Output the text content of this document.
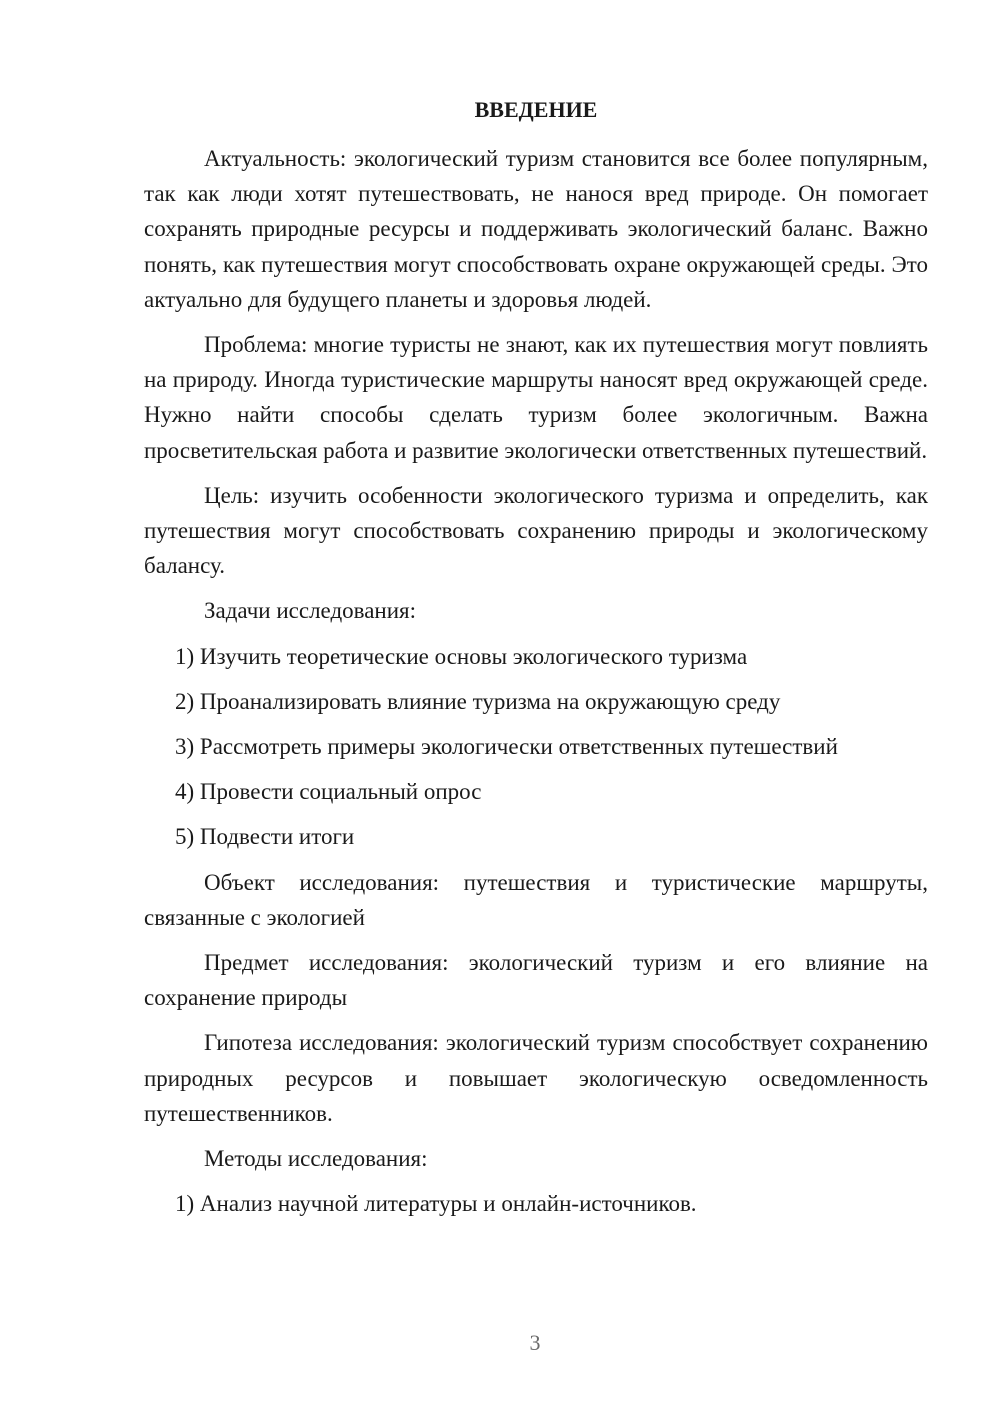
ВВЕДЕНИЕ

Актуальность: экологический туризм становится все более популярным, так как люди хотят путешествовать, не нанося вред природе. Он помогает сохранять природные ресурсы и поддерживать экологический баланс. Важно понять, как путешествия могут способствовать охране окружающей среды. Это актуально для будущего планеты и здоровья людей.

Проблема: многие туристы не знают, как их путешествия могут повлиять на природу. Иногда туристические маршруты наносят вред окружающей среде. Нужно найти способы сделать туризм более экологичным. Важна просветительская работа и развитие экологически ответственных путешествий.

Цель: изучить особенности экологического туризма и определить, как путешествия могут способствовать сохранению природы и экологическому балансу.

Задачи исследования:

1) Изучить теоретические основы экологического туризма
2) Проанализировать влияние туризма на окружающую среду
3) Рассмотреть примеры экологически ответственных путешествий
4) Провести социальный опрос
5) Подвести итоги

Объект исследования: путешествия и туристические маршруты, связанные с экологией

Предмет исследования: экологический туризм и его влияние на сохранение природы

Гипотеза исследования: экологический туризм способствует сохранению природных ресурсов и повышает экологическую осведомленность путешественников.

Методы исследования:

1) Анализ научной литературы и онлайн-источников.
3
